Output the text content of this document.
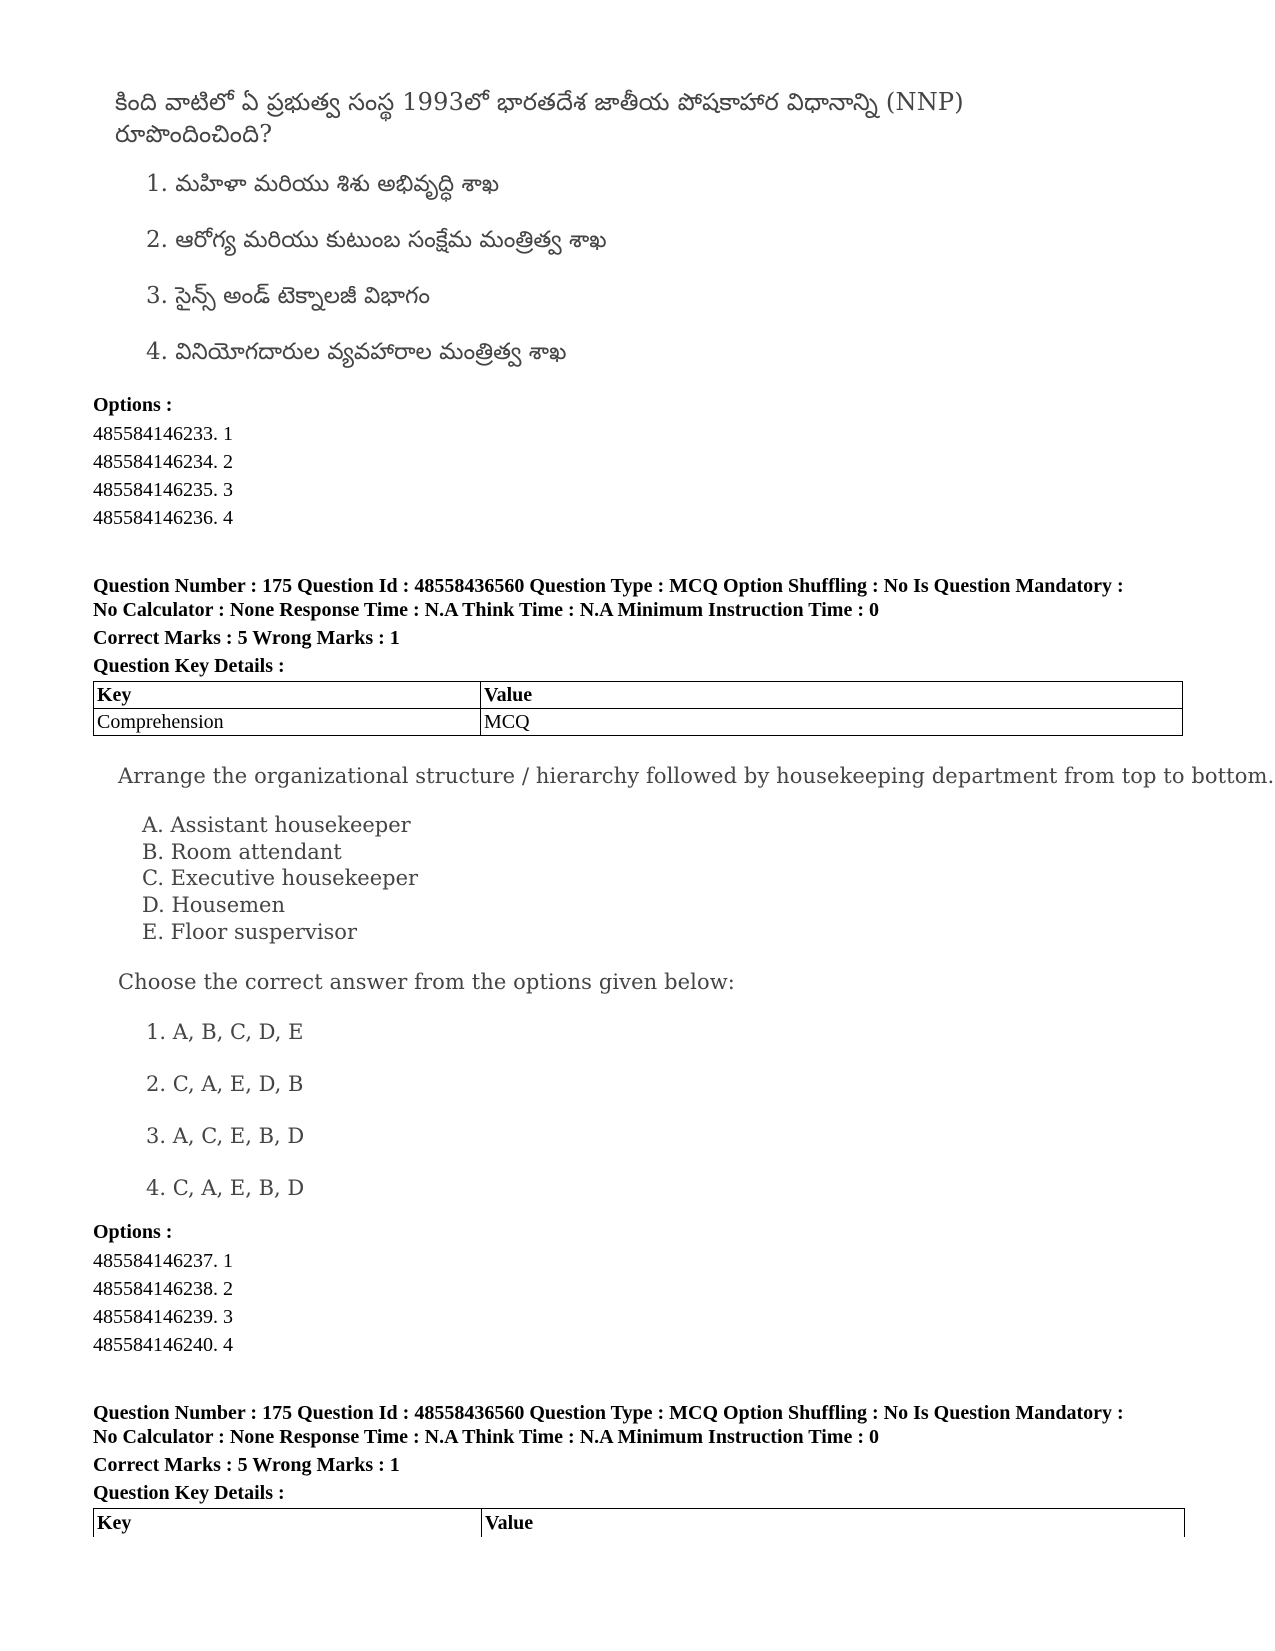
కింది వాటిలో ఏ ప్రభుత్వ సంస్థ 1993లో భారతదేశ జాతీయ పోషకాహార విధానాన్ని (NNP) రూపొందించింది?
1. మహిళా మరియు శిశు అభివృద్ధి శాఖ
2. ఆరోగ్య మరియు కుటుంబ సంక్షేమ మంత్రిత్వ శాఖ
3. సైన్స్ అండ్ టెక్నాలజీ విభాగం
4. వినియోగదారుల వ్యవహారాల మంత్రిత్వ శాఖ
Options :
485584146233. 1
485584146234. 2
485584146235. 3
485584146236. 4
Question Number : 175 Question Id : 48558436560 Question Type : MCQ Option Shuffling : No Is Question Mandatory :
No Calculator : None Response Time : N.A Think Time : N.A Minimum Instruction Time : 0
Correct Marks : 5 Wrong Marks : 1
Question Key Details :
Key	Value
Comprehension	MCQ
Arrange the organizational structure / hierarchy followed by housekeeping department from top to bottom.
A. Assistant housekeeper
B. Room attendant
C. Executive housekeeper
D. Housemen
E. Floor suspervisor
Choose the correct answer from the options given below:
1. A, B, C, D, E
2. C, A, E, D, B
3. A, C, E, B, D
4. C, A, E, B, D
Options :
485584146237. 1
485584146238. 2
485584146239. 3
485584146240. 4
Question Number : 175 Question Id : 48558436560 Question Type : MCQ Option Shuffling : No Is Question Mandatory :
No Calculator : None Response Time : N.A Think Time : N.A Minimum Instruction Time : 0
Correct Marks : 5 Wrong Marks : 1
Question Key Details :
Key	Value
